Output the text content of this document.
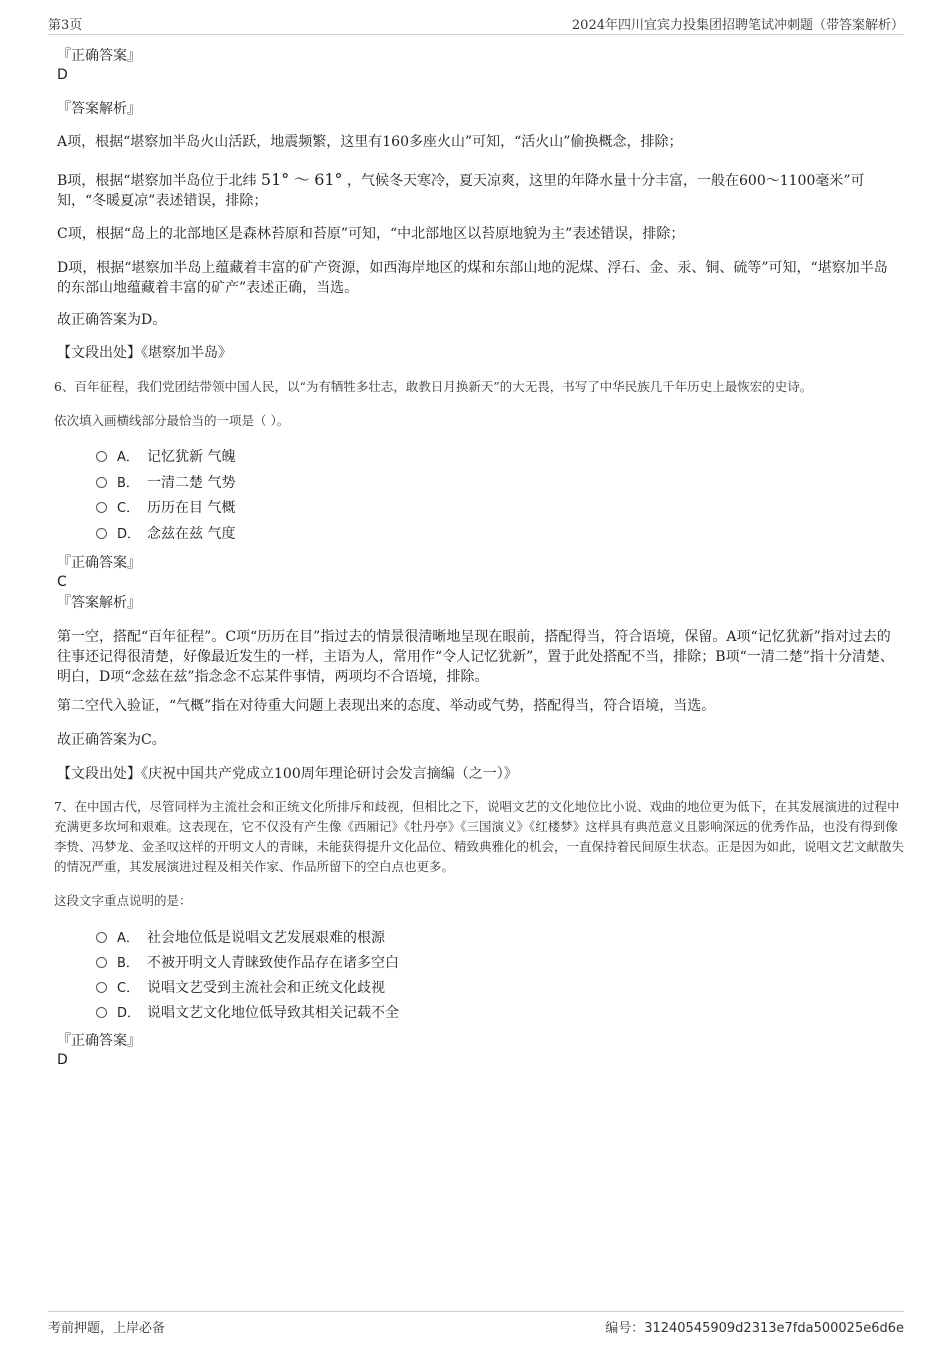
第3页	2024年四川宜宾力投集团招聘笔试冲刺题（带答案解析）
『正确答案』
D
『答案解析』
A项，根据“堪察加半岛火山活跃，地震频繁，这里有160多座火山”可知，“活火山”偷换概念，排除；
B项，根据“堪察加半岛位于北纬 51° ～ 61° ，气候冬天寒冷，夏天凉爽，这里的年降水量十分丰富，一般在600～1100毫米”可知，“冬暖夏凉”表述错误，排除；
C项，根据“岛上的北部地区是森林苔原和苔原”可知，“中北部地区以苔原地貌为主”表述错误，排除；
D项，根据“堪察加半岛上蕴藏着丰富的矿产资源，如西海岸地区的煤和东部山地的泥煤、浮石、金、汞、铜、硫等”可知，“堪察加半岛的东部山地蕴藏着丰富的矿产”表述正确，当选。
故正确答案为D。
【文段出处】《堪察加半岛》
6、百年征程，我们党团结带领中国人民，以“为有牺牲多壮志，敢教日月换新天”的大无畏，书写了中华民族几千年历史上最恢宏的史诗。
依次填入画横线部分最恰当的一项是（ ）。
A． 记忆犹新 气魄
B． 一清二楚 气势
C． 历历在目 气概
D． 念兹在兹 气度
『正确答案』
C
『答案解析』
第一空，搭配“百年征程”。C项“历历在目”指过去的情景很清晰地呈现在眼前，搭配得当，符合语境，保留。A项“记忆犹新”指对过去的往事还记得很清楚，好像最近发生的一样，主语为人，常用作“令人记忆犹新”，置于此处搭配不当，排除；B项“一清二楚”指十分清楚、明白，D项“念兹在兹”指念念不忘某件事情，两项均不合语境，排除。
第二空代入验证，“气概”指在对待重大问题上表现出来的态度、举动或气势，搭配得当，符合语境，当选。
故正确答案为C。
【文段出处】《庆祝中国共产党成立100周年理论研讨会发言摘编（之一）》
7、在中国古代，尽管同样为主流社会和正统文化所排斥和歧视，但相比之下，说唱文艺的文化地位比小说、戏曲的地位更为低下，在其发展演进的过程中充满更多坎坷和艰难。这表现在，它不仅没有产生像《西厢记》《牡丹亭》《三国演义》《红楼梦》这样具有典范意义且影响深远的优秀作品，也没有得到像李贽、冯梦龙、金圣叹这样的开明文人的青睐，未能获得提升文化品位、精致典雅化的机会，一直保持着民间原生状态。正是因为如此，说唱文艺文献散失的情况严重，其发展演进过程及相关作家、作品所留下的空白点也更多。
这段文字重点说明的是：
A． 社会地位低是说唱文艺发展艰难的根源
B． 不被开明文人青睐致使作品存在诸多空白
C． 说唱文艺受到主流社会和正统文化歧视
D． 说唱文艺文化地位低导致其相关记载不全
『正确答案』
D
考前押题，上岸必备	编号：31240545909d2313e7fda500025e6d6e
